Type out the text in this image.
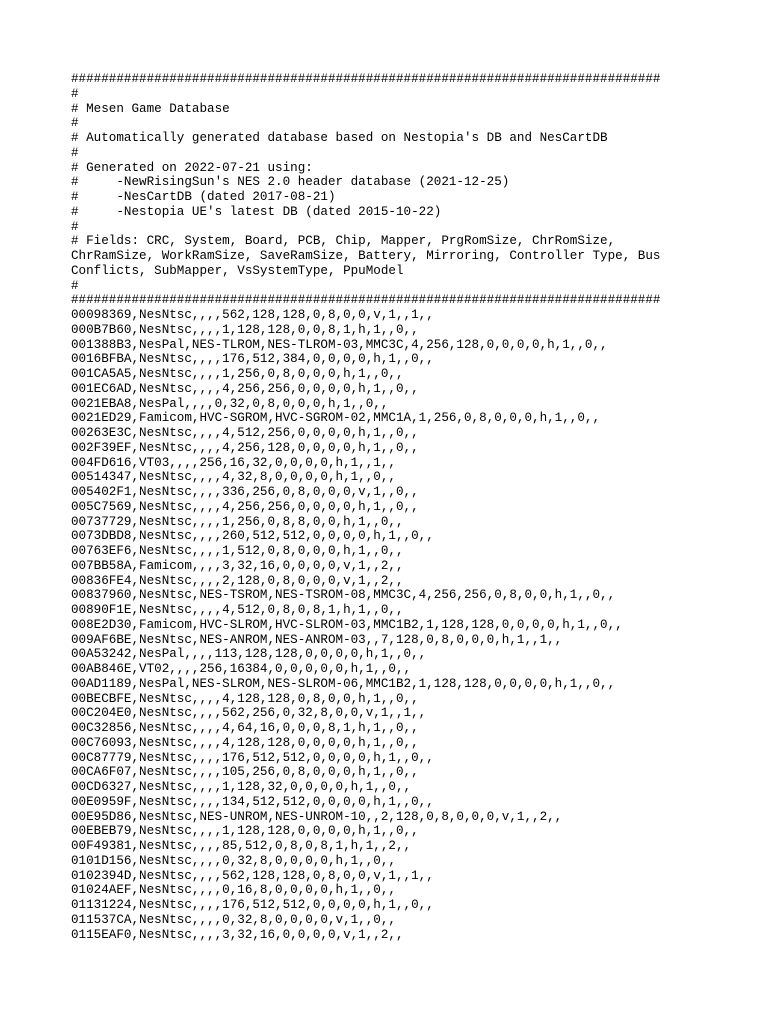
##############################################################################
#
# Mesen Game Database
#
# Automatically generated database based on Nestopia's DB and NesCartDB
#
# Generated on 2022-07-21 using:
#     -NewRisingSun's NES 2.0 header database (2021-12-25)
#     -NesCartDB (dated 2017-08-21)
#     -Nestopia UE's latest DB (dated 2015-10-22)
#
# Fields: CRC, System, Board, PCB, Chip, Mapper, PrgRomSize, ChrRomSize,
ChrRamSize, WorkRamSize, SaveRamSize, Battery, Mirroring, Controller Type, Bus
Conflicts, SubMapper, VsSystemType, PpuModel
#
##############################################################################
00098369,NesNtsc,,,,562,128,128,0,8,0,0,v,1,,1,,
000B7B60,NesNtsc,,,,1,128,128,0,0,8,1,h,1,,0,,
001388B3,NesPal,NES-TLROM,NES-TLROM-03,MMC3C,4,256,128,0,0,0,0,h,1,,0,,
0016BFBA,NesNtsc,,,,176,512,384,0,0,0,0,h,1,,0,,
001CA5A5,NesNtsc,,,,1,256,0,8,0,0,0,h,1,,0,,
001EC6AD,NesNtsc,,,,4,256,256,0,0,0,0,h,1,,0,,
0021EBA8,NesPal,,,,0,32,0,8,0,0,0,h,1,,0,,
0021ED29,Famicom,HVC-SGROM,HVC-SGROM-02,MMC1A,1,256,0,8,0,0,0,h,1,,0,,
00263E3C,NesNtsc,,,,4,512,256,0,0,0,0,h,1,,0,,
002F39EF,NesNtsc,,,,4,256,128,0,0,0,0,h,1,,0,,
004FD616,VT03,,,,256,16,32,0,0,0,0,h,1,,1,,
00514347,NesNtsc,,,,4,32,8,0,0,0,0,h,1,,0,,
005402F1,NesNtsc,,,,336,256,0,8,0,0,0,v,1,,0,,
005C7569,NesNtsc,,,,4,256,256,0,0,0,0,h,1,,0,,
00737729,NesNtsc,,,,1,256,0,8,8,0,0,h,1,,0,,
0073DBD8,NesNtsc,,,,260,512,512,0,0,0,0,h,1,,0,,
00763EF6,NesNtsc,,,,1,512,0,8,0,0,0,h,1,,0,,
007BB58A,Famicom,,,,3,32,16,0,0,0,0,v,1,,2,,
00836FE4,NesNtsc,,,,2,128,0,8,0,0,0,v,1,,2,,
00837960,NesNtsc,NES-TSROM,NES-TSROM-08,MMC3C,4,256,256,0,8,0,0,h,1,,0,,
00890F1E,NesNtsc,,,,4,512,0,8,0,8,1,h,1,,0,,
008E2D30,Famicom,HVC-SLROM,HVC-SLROM-03,MMC1B2,1,128,128,0,0,0,0,h,1,,0,,
009AF6BE,NesNtsc,NES-ANROM,NES-ANROM-03,,7,128,0,8,0,0,0,h,1,,1,,
00A53242,NesPal,,,,113,128,128,0,0,0,0,h,1,,0,,
00AB846E,VT02,,,,256,16384,0,0,0,0,0,h,1,,0,,
00AD1189,NesPal,NES-SLROM,NES-SLROM-06,MMC1B2,1,128,128,0,0,0,0,h,1,,0,,
00BECBFE,NesNtsc,,,,4,128,128,0,8,0,0,h,1,,0,,
00C204E0,NesNtsc,,,,562,256,0,32,8,0,0,v,1,,1,,
00C32856,NesNtsc,,,,4,64,16,0,0,0,8,1,h,1,,0,,
00C76093,NesNtsc,,,,4,128,128,0,0,0,0,h,1,,0,,
00C87779,NesNtsc,,,,176,512,512,0,0,0,0,h,1,,0,,
00CA6F07,NesNtsc,,,,105,256,0,8,0,0,0,h,1,,0,,
00CD6327,NesNtsc,,,,1,128,32,0,0,0,0,h,1,,0,,
00E0959F,NesNtsc,,,,134,512,512,0,0,0,0,h,1,,0,,
00E95D86,NesNtsc,NES-UNROM,NES-UNROM-10,,2,128,0,8,0,0,0,v,1,,2,,
00EBEB79,NesNtsc,,,,1,128,128,0,0,0,0,h,1,,0,,
00F49381,NesNtsc,,,,85,512,0,8,0,8,1,h,1,,2,,
0101D156,NesNtsc,,,,0,32,8,0,0,0,0,h,1,,0,,
0102394D,NesNtsc,,,,562,128,128,0,8,0,0,v,1,,1,,
01024AEF,NesNtsc,,,,0,16,8,0,0,0,0,h,1,,0,,
01131224,NesNtsc,,,,176,512,512,0,0,0,0,h,1,,0,,
011537CA,NesNtsc,,,,0,32,8,0,0,0,0,v,1,,0,,
0115EAF0,NesNtsc,,,,3,32,16,0,0,0,0,v,1,,2,,
